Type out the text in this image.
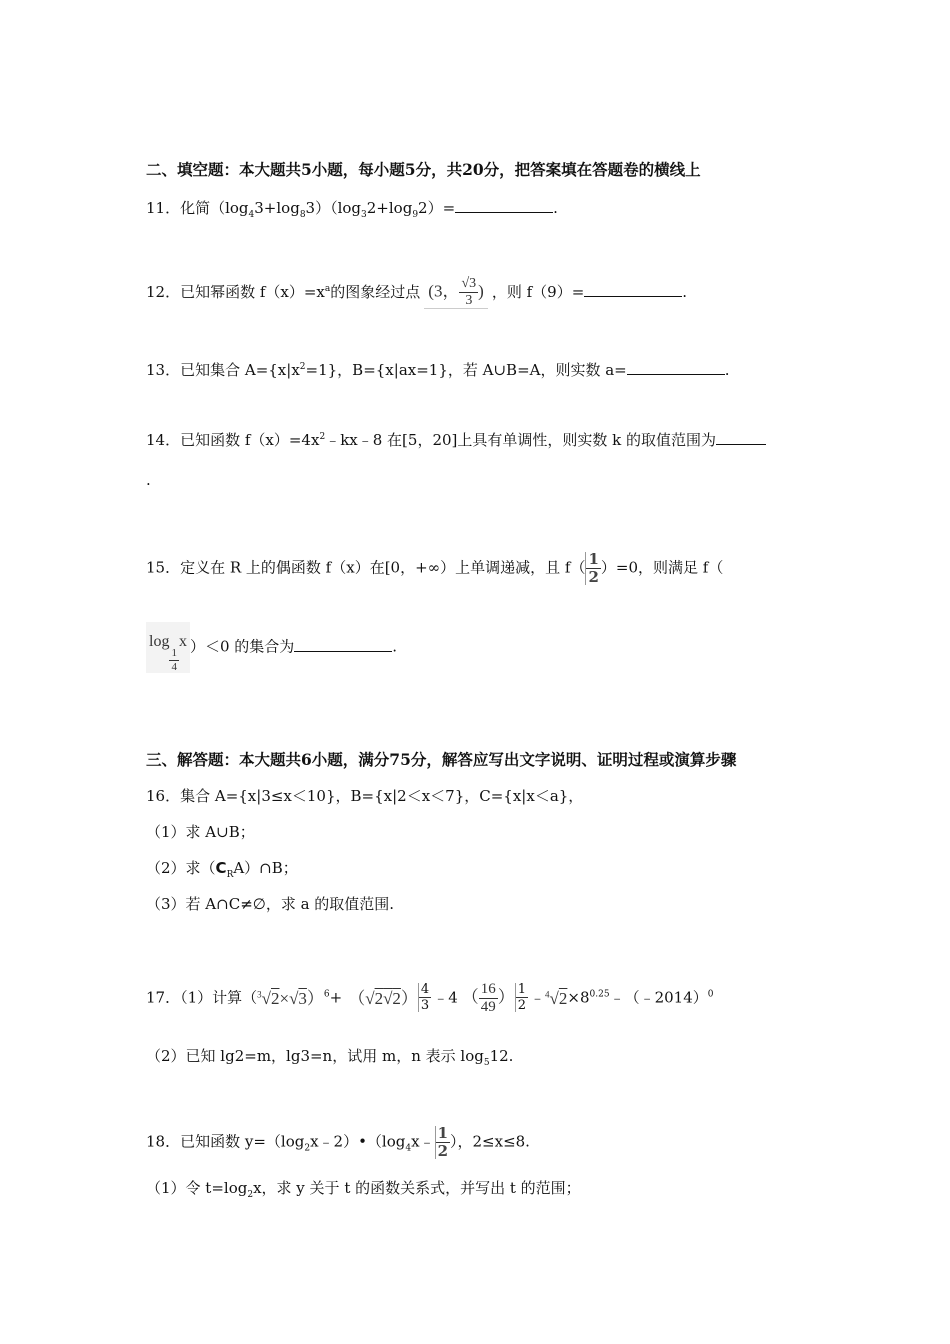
二、填空题：本大题共5小题，每小题5分，共20分，把答案填在答题卷的横线上
11．化简$(\log_43+\log_83)(\log_32+\log_92)=$	.
12．已知幂函数 $f(x)=x^a$的图象经过点 (3， $\frac{√3}{3}$ ) ，则 f（9）=	.
13．已知集合 $A=\{x|x^2=1\}$，B={x|ax=1}，若 A∪B=A，则实数 a=	.
14．已知函数 $f(x)=4x^2﹣kx﹣8$ 在[5，20]上具有单调性，则实数 k 的取值范围为
.
15．定义在 R 上的偶函数 f（x）在[0，+∞）上单调递减，且 $f( \frac{1}{2} )=0$，则满足 f（
log
$\frac{1}{4}$
x ）＜0 的集合为	.
三、解答题：本大题共6小题，满分75分，解答应写出文字说明、证明过程或演算步骤
16．集合 A={x|3≤x＜10}，B={x|2＜x＜7}，C={x|x＜a}，
（1）求 A∪B；
（2）求$(C_RA)\cap B$；
（3）若 A∩C≠∅，求 a 的取值范围.
17．（1）计算$(^3√2\times√3)^6+ (√2√2) \frac{4}{3}$ ﹣4 （ $\frac{16}{49}$ ） $\frac{1}{2}$ $﹣^4√2\times 8^{0.25}﹣(﹣2014)^0$
（2）已知 lg2=m，lg3=n，试用 m，n 表示 $\log_512$.
18．已知函数 $y=(\log_2x﹣2)•(\log_4x﹣ \frac{1}{2}$ ），2≤x≤8.
（1）令 $t=\log_2x$，求 y 关于 t 的函数关系式，并写出 t 的范围；
